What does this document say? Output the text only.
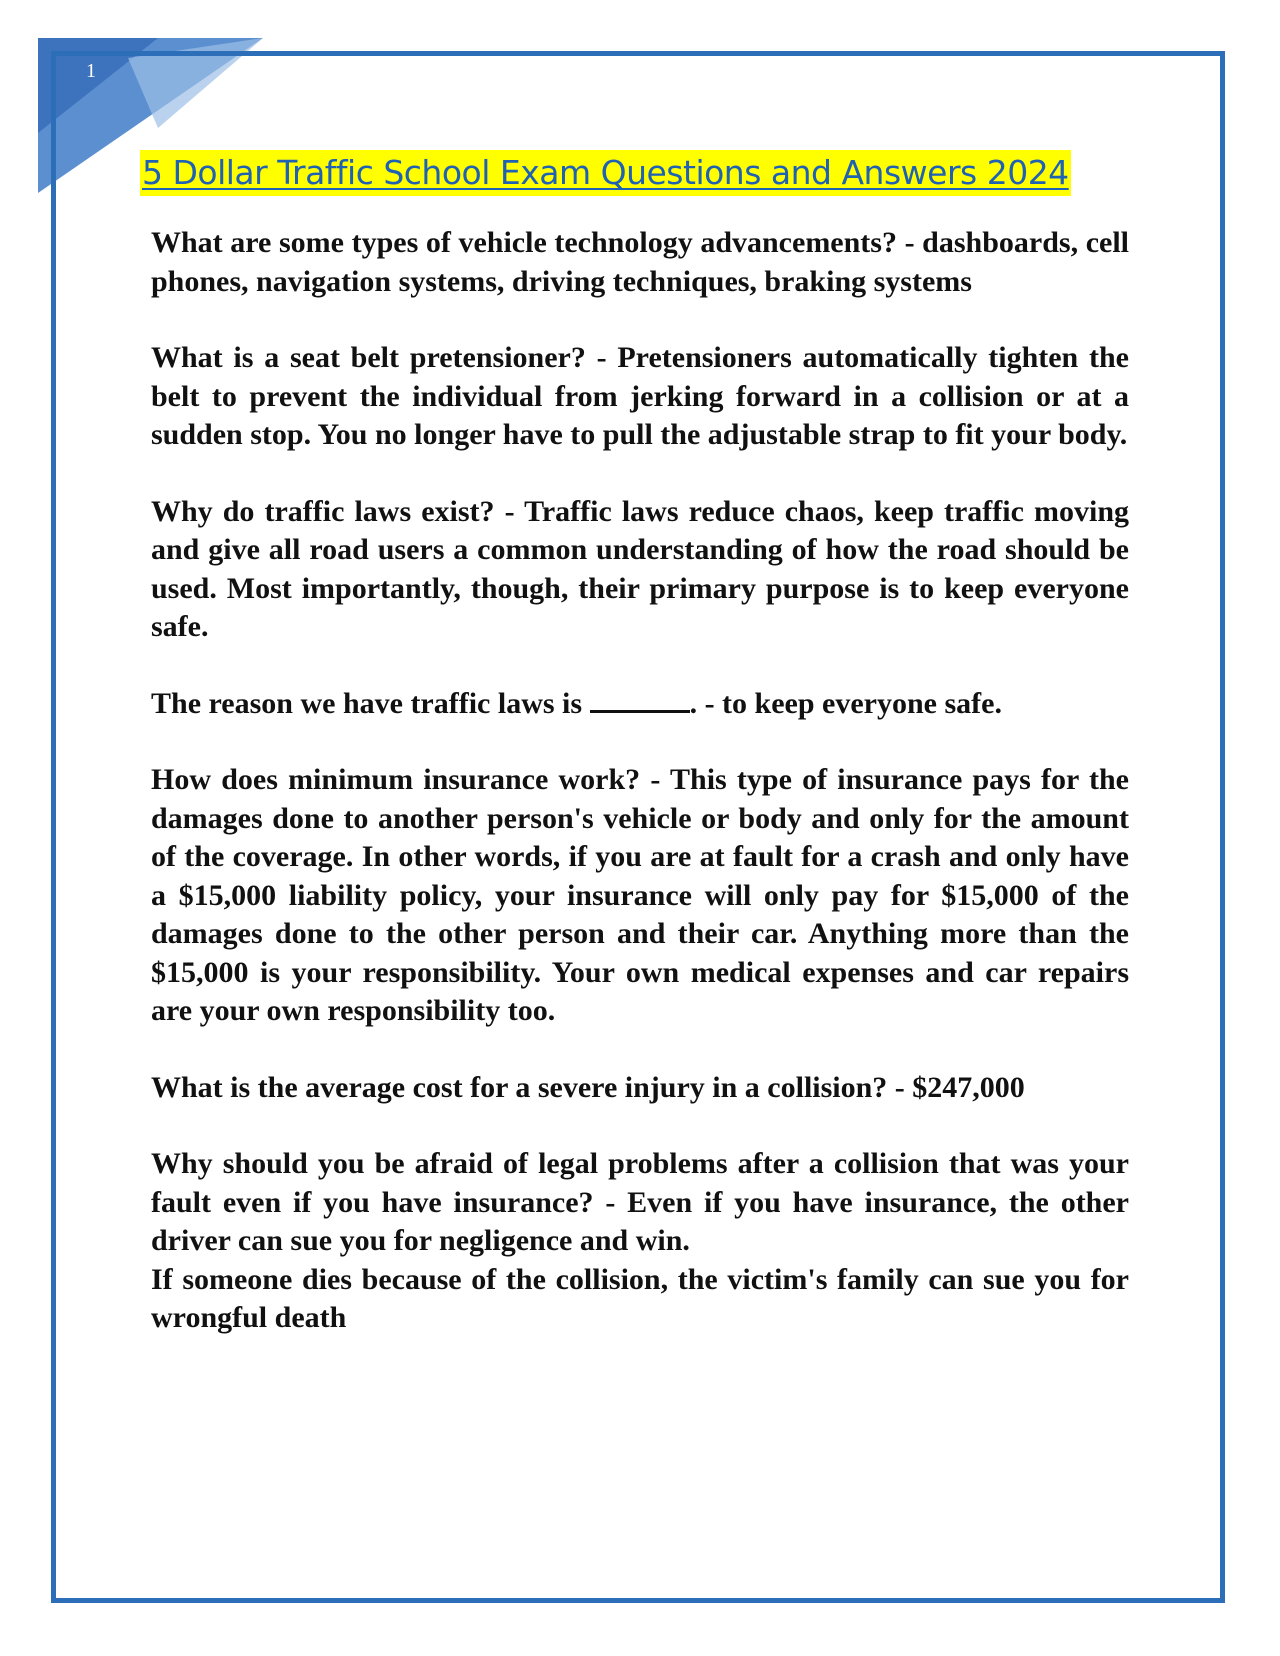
1
5 Dollar Traffic School Exam Questions and Answers 2024

What are some types of vehicle technology advancements? - dashboards, cell phones, navigation systems, driving techniques, braking systems

What is a seat belt pretensioner? - Pretensioners automatically tighten the belt to prevent the individual from jerking forward in a collision or at a sudden stop. You no longer have to pull the adjustable strap to fit your body.

Why do traffic laws exist? - Traffic laws reduce chaos, keep traffic moving and give all road users a common understanding of how the road should be used. Most importantly, though, their primary purpose is to keep everyone safe.

The reason we have traffic laws is	. - to keep everyone safe.

How does minimum insurance work? - This type of insurance pays for the damages done to another person's vehicle or body and only for the amount of the coverage. In other words, if you are at fault for a crash and only have a $15,000 liability policy, your insurance will only pay for $15,000 of the damages done to the other person and their car. Anything more than the $15,000 is your responsibility. Your own medical expenses and car repairs are your own responsibility too.

What is the average cost for a severe injury in a collision? - $247,000

Why should you be afraid of legal problems after a collision that was your fault even if you have insurance? - Even if you have insurance, the other driver can sue you for negligence and win.
If someone dies because of the collision, the victim's family can sue you for wrongful death
